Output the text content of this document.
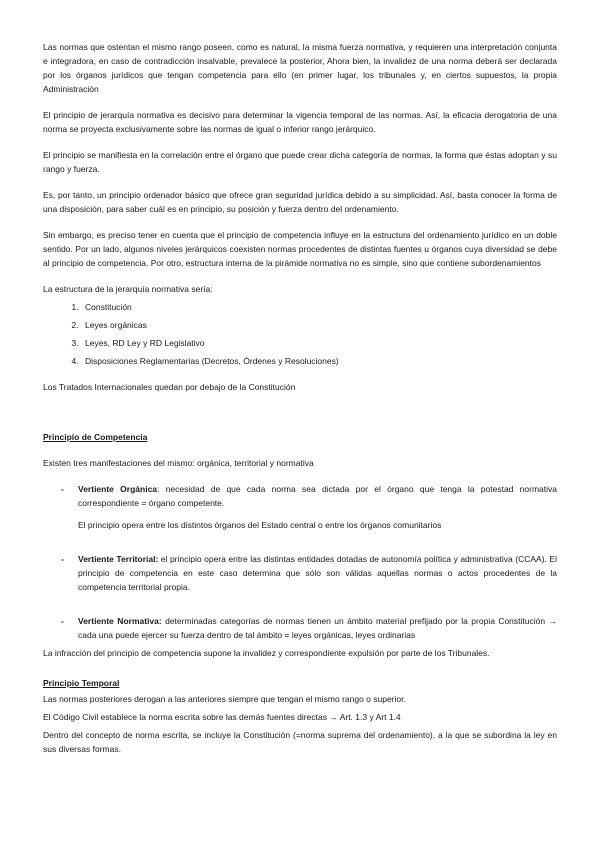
Las normas que ostentan el mismo rango poseen, como es natural, la misma fuerza normativa, y requieren una interpretación conjunta e integradora, en caso de contradicción insalvable, prevalece la posterior, Ahora bien, la invalidez de una norma deberá ser declarada por los órganos jurídicos que tengan competencia para ello (en primer lugar, los tribunales y, en ciertos supuestos, la propia Administración

El principio de jerarquía normativa es decisivo para determinar la vigencia temporal de las normas. Así, la eficacia derogatoria de una norma se proyecta exclusivamente sobre las normas de igual o inferior rango jerárquico.

El principio se manifiesta en la correlación entre el órgano que puede crear dicha categoría de normas, la forma que éstas adoptan y su rango y fuerza.

Es, por tanto, un principio ordenador básico que ofrece gran seguridad jurídica debido a su simplicidad. Así, basta conocer la forma de una disposición, para saber cuál es en principio, su posición y fuerza dentro del ordenamiento.

Sin embargo, es preciso tener en cuenta que el principio de competencia influye en la estructura del ordenamiento jurídico en un doble sentido. Por un lado, algunos niveles jerárquicos coexisten normas procedentes de distintas fuentes u órganos cuya diversidad se debe al principio de competencia. Por otro, estructura interna de la pirámide normativa no es simple, sino que contiene subordenamientos

La estructura de la jerarquía normativa sería:

1. Constitución
2. Leyes orgánicas
3. Leyes, RD Ley y RD Legislativo
4. Disposiciones Reglamentarias (Decretos, Órdenes y Resoluciones)

Los Tratados Internacionales quedan por debajo de la Constitución

Principio de Competencia

Existen tres manifestaciones del mismo: orgánica, territorial y normativa

- Vertiente Orgánica: necesidad de que cada norma sea dictada por el órgano que tenga la potestad normativa correspondiente = órgano competente.

El principio opera entre los distintos órganos del Estado central o entre los órganos comunitarios

- Vertiente Territorial: el principio opera entre las distintas entidades dotadas de autonomía política y administrativa (CCAA). El principio de competencia en este caso determina que sólo son válidas aquellas normas o actos procedentes de la competencia territorial propia.

- Vertiente Normativa: determinadas categorías de normas tienen un ámbito material prefijado por la propia Constitución → cada una puede ejercer su fuerza dentro de tal ámbito = leyes orgánicas, leyes ordinarias

La infracción del principio de competencia supone la invalidez y correspondiente expulsión por parte de los Tribunales.

Principio Temporal

Las normas posteriores derogan a las anteriores siempre que tengan el mismo rango o superior.

El Código Civil establece la norma escrita sobre las demás fuentes directas → Art. 1.3 y Art 1.4

Dentro del concepto de norma escrita, se incluye la Constitución (=norma suprema del ordenamiento), a la que se subordina la ley en sus diversas formas.
